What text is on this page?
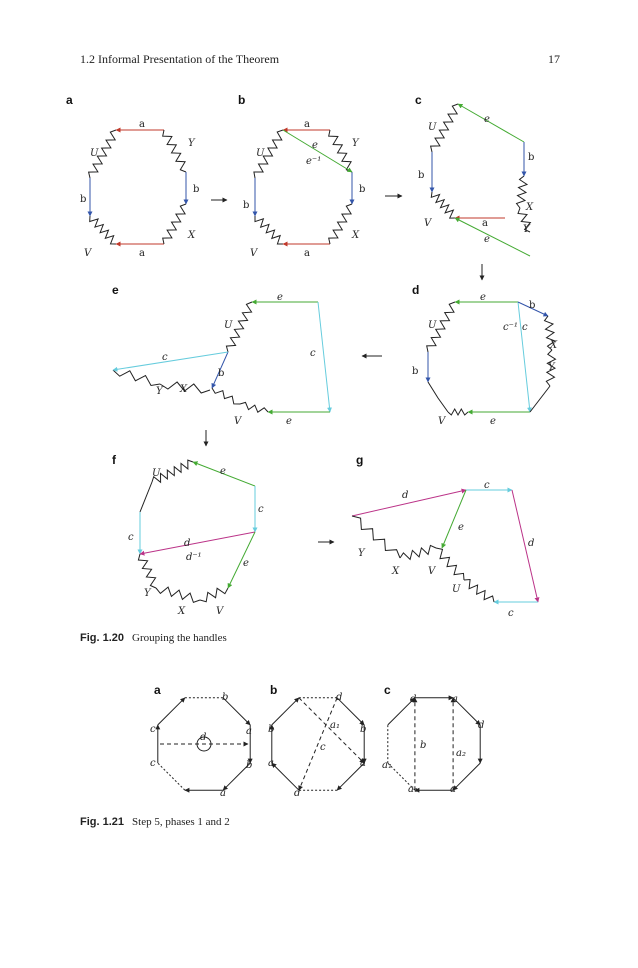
1.2 Informal Presentation of the Theorem	17
a
a
a
b
b
U
V
Y
X
b
a
a
b
b
e
e⁻¹
U
V
Y
X
c
e
b
b
a
e
U
V
X
Y
d
e
e
b
c⁻¹ c
b
U
V
X
Y
e
e
e
c
c
b
U
V
X
Y
f
e
c
c
d
d⁻¹
e
U
Y
X	V
g
d
c
d
e
c
Y
X	V
U
a
b
a
b
a
c
c
d
b
d
b
a
d
b
a
a₁
c
c
d	a
d
a₁
b
a₂
a₁	a
Fig. 1.20 Grouping the handles
Fig. 1.21 Step 5, phases 1 and 2
